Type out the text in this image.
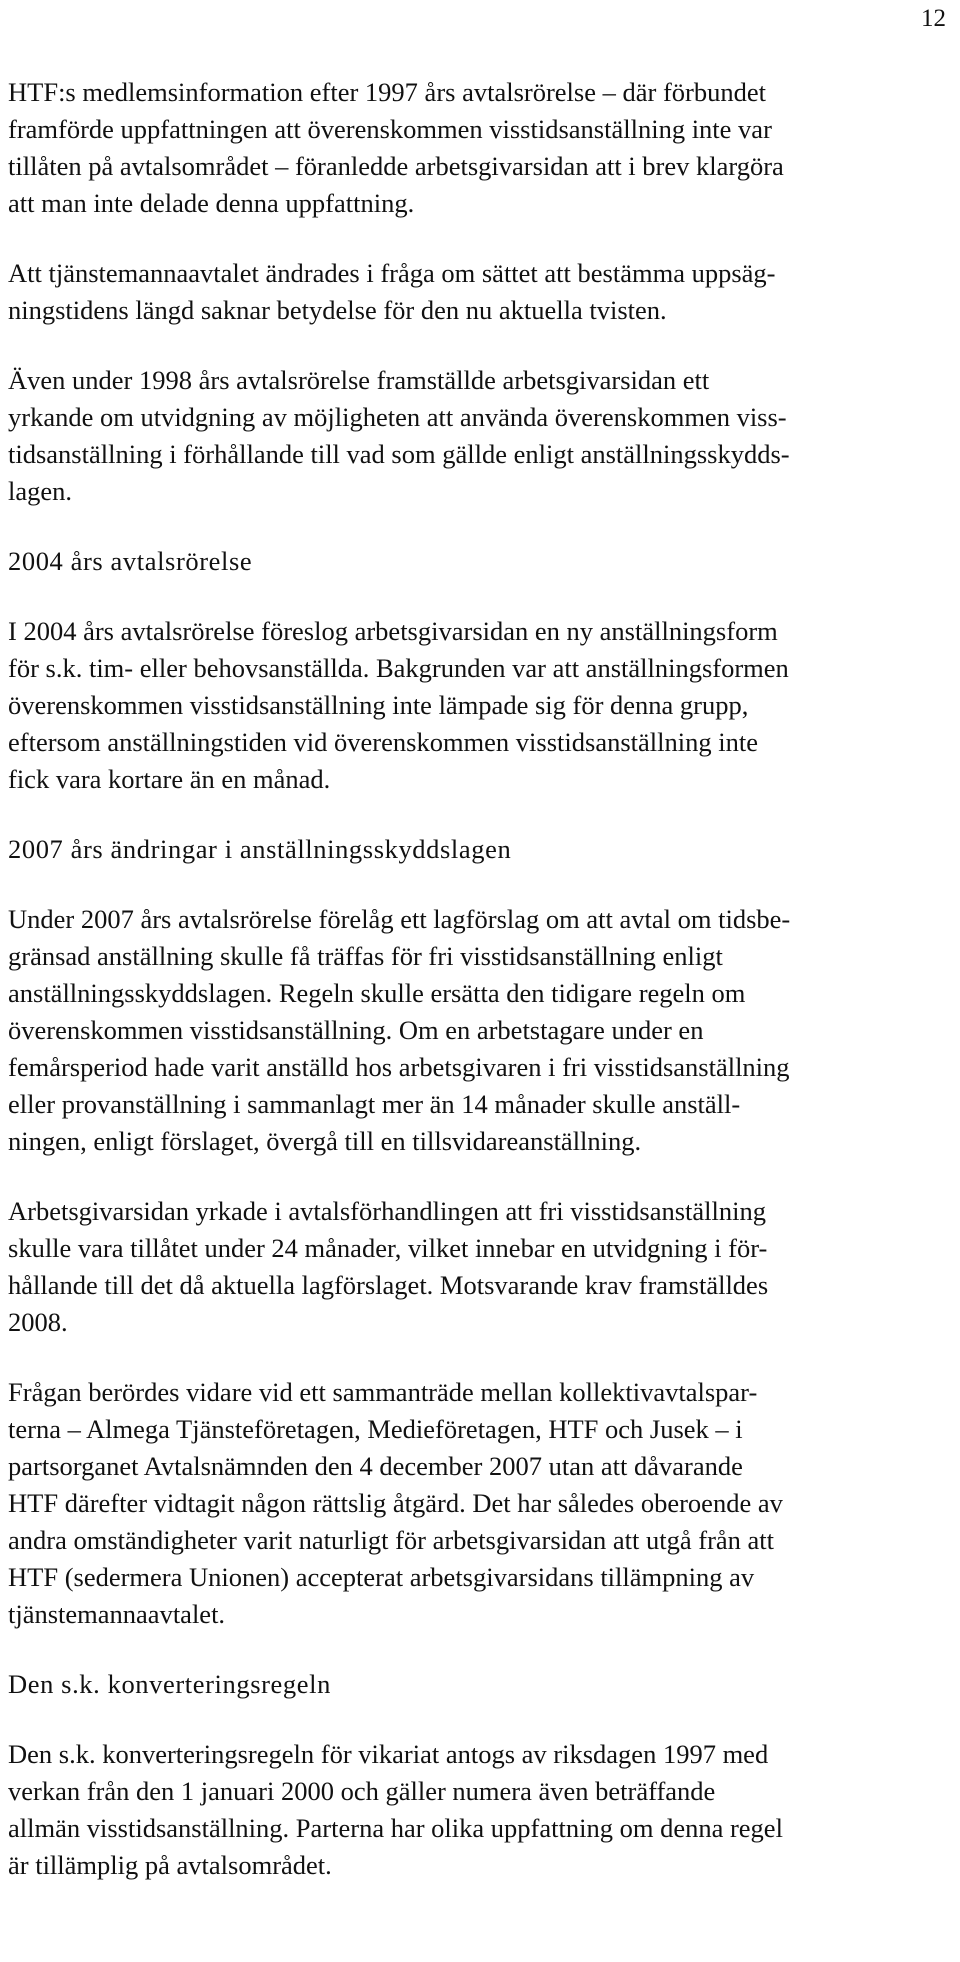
12

HTF:s medlemsinformation efter 1997 års avtalsrörelse – där förbundet
framförde uppfattningen att överenskommen visstidsanställning inte var
tillåten på avtalsområdet – föranledde arbetsgivarsidan att i brev klargöra
att man inte delade denna uppfattning.

Att tjänstemannaavtalet ändrades i fråga om sättet att bestämma uppsäg-
ningstidens längd saknar betydelse för den nu aktuella tvisten.

Även under 1998 års avtalsrörelse framställde arbetsgivarsidan ett
yrkande om utvidgning av möjligheten att använda överenskommen viss-
tidsanställning i förhållande till vad som gällde enligt anställningsskydds-
lagen.

2004 års avtalsrörelse

I 2004 års avtalsrörelse föreslog arbetsgivarsidan en ny anställningsform
för s.k. tim- eller behovsanställda. Bakgrunden var att anställningsformen
överenskommen visstidsanställning inte lämpade sig för denna grupp,
eftersom anställningstiden vid överenskommen visstidsanställning inte
fick vara kortare än en månad.

2007 års ändringar i anställningsskyddslagen

Under 2007 års avtalsrörelse förelåg ett lagförslag om att avtal om tidsbe-
gränsad anställning skulle få träffas för fri visstidsanställning enligt
anställningsskyddslagen. Regeln skulle ersätta den tidigare regeln om
överenskommen visstidsanställning. Om en arbetstagare under en
femårsperiod hade varit anställd hos arbetsgivaren i fri visstidsanställning
eller provanställning i sammanlagt mer än 14 månader skulle anställ-
ningen, enligt förslaget, övergå till en tillsvidareanställning.

Arbetsgivarsidan yrkade i avtalsförhandlingen att fri visstidsanställning
skulle vara tillåtet under 24 månader, vilket innebar en utvidgning i för-
hållande till det då aktuella lagförslaget. Motsvarande krav framställdes
2008.

Frågan berördes vidare vid ett sammanträde mellan kollektivavtalspar-
terna – Almega Tjänsteföretagen, Medieföretagen, HTF och Jusek – i
partsorganet Avtalsnämnden den 4 december 2007 utan att dåvarande
HTF därefter vidtagit någon rättslig åtgärd. Det har således oberoende av
andra omständigheter varit naturligt för arbetsgivarsidan att utgå från att
HTF (sedermera Unionen) accepterat arbetsgivarsidans tillämpning av
tjänstemannaavtalet.

Den s.k. konverteringsregeln

Den s.k. konverteringsregeln för vikariat antogs av riksdagen 1997 med
verkan från den 1 januari 2000 och gäller numera även beträffande
allmän visstidsanställning. Parterna har olika uppfattning om denna regel
är tillämplig på avtalsområdet.
